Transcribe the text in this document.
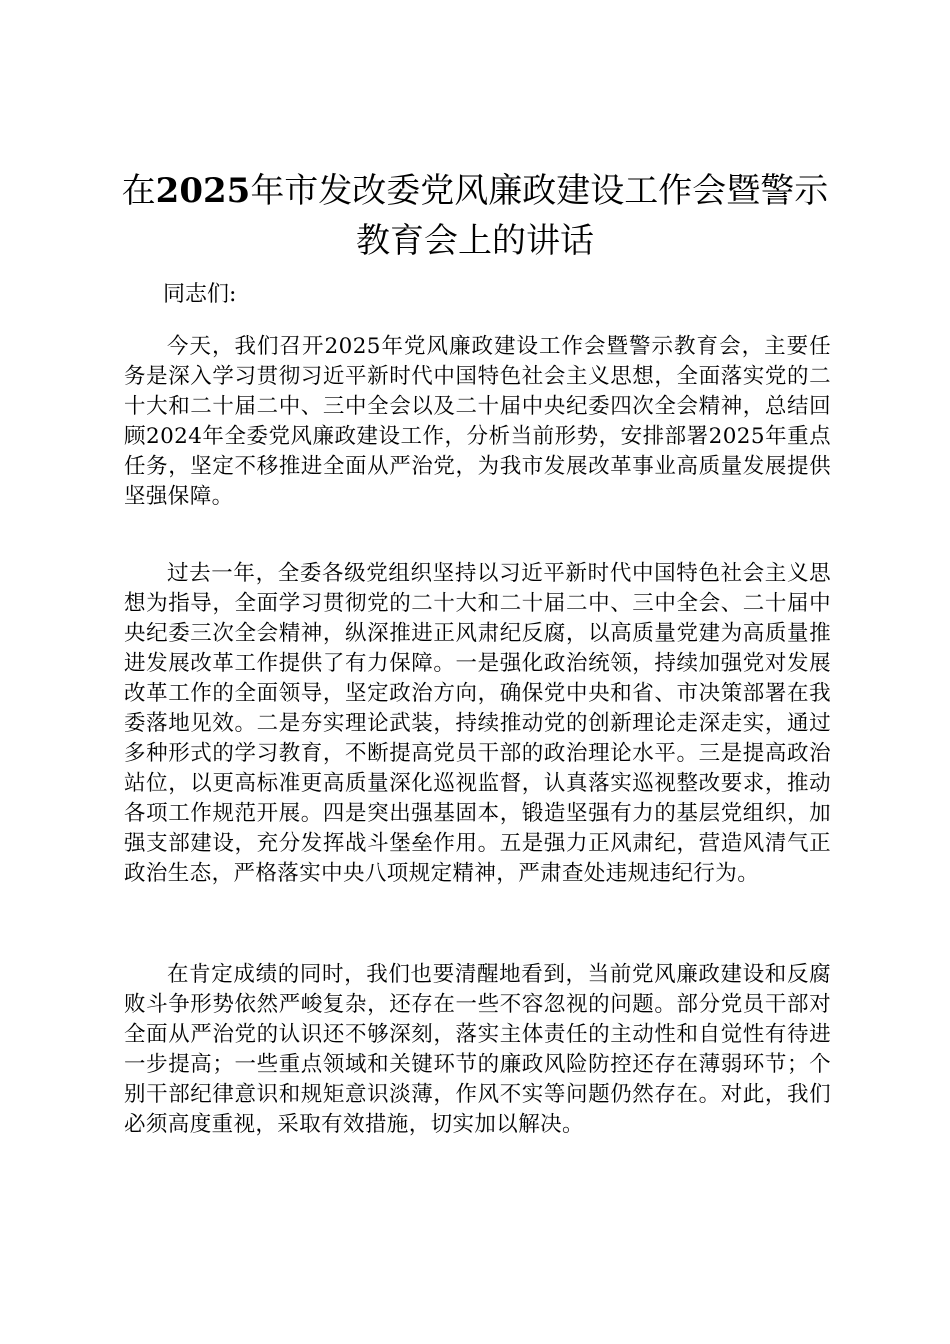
在2025年市发改委党风廉政建设工作会暨警示教育会上的讲话

同志们:

今天，我们召开2025年党风廉政建设工作会暨警示教育会，主要任务是深入学习贯彻习近平新时代中国特色社会主义思想，全面落实党的二十大和二十届二中、三中全会以及二十届中央纪委四次全会精神，总结回顾2024年全委党风廉政建设工作，分析当前形势，安排部署2025年重点任务，坚定不移推进全面从严治党，为我市发展改革事业高质量发展提供坚强保障。

过去一年，全委各级党组织坚持以习近平新时代中国特色社会主义思想为指导，全面学习贯彻党的二十大和二十届二中、三中全会、二十届中央纪委三次全会精神，纵深推进正风肃纪反腐，以高质量党建为高质量推进发展改革工作提供了有力保障。一是强化政治统领，持续加强党对发展改革工作的全面领导，坚定政治方向，确保党中央和省、市决策部署在我委落地见效。二是夯实理论武装，持续推动党的创新理论走深走实，通过多种形式的学习教育，不断提高党员干部的政治理论水平。三是提高政治站位，以更高标准更高质量深化巡视监督，认真落实巡视整改要求，推动各项工作规范开展。四是突出强基固本，锻造坚强有力的基层党组织，加强支部建设，充分发挥战斗堡垒作用。五是强力正风肃纪，营造风清气正政治生态，严格落实中央八项规定精神，严肃查处违规违纪行为。

在肯定成绩的同时，我们也要清醒地看到，当前党风廉政建设和反腐败斗争形势依然严峻复杂，还存在一些不容忽视的问题。部分党员干部对全面从严治党的认识还不够深刻，落实主体责任的主动性和自觉性有待进一步提高；一些重点领域和关键环节的廉政风险防控还存在薄弱环节；个别干部纪律意识和规矩意识淡薄，作风不实等问题仍然存在。对此，我们必须高度重视，采取有效措施，切实加以解决。
